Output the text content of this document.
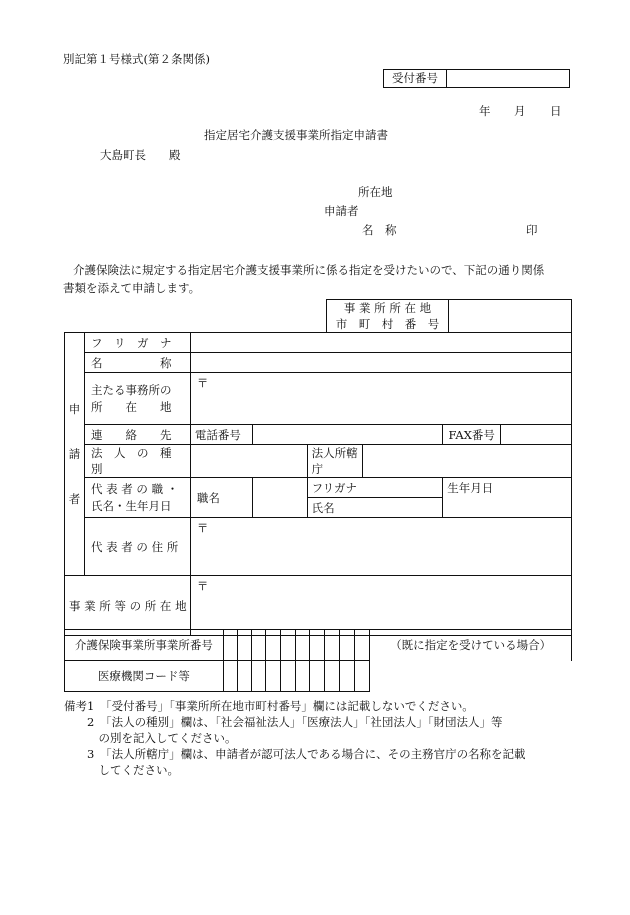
別記第１号様式(第２条関係)
受付番号
年 月 日
指定居宅介護支援事業所指定申請書
大島町長　　殿
所在地
申請者
名　称	印
介護保険法に規定する指定居宅介護支援事業所に係る指定を受けたいので、下記の通り関係
書類を添えて申請します。
事 業 所 所 在 地
市　町　村　番　号
申
請
者	フ　リ　ガ　ナ						
	名　　　　　称						

	主たる事務所の
所　　在　　地	〒					
	連　　絡　　先	電話番号				FAX番号	
	法　人　の　種　別			法人所轄庁			

	代 表 者 の 職 ・
氏名・生年月日	職名		フリガナ		生年月日	
				氏名			
	代 表 者 の 住 所	〒					
事 業 所 等 の 所 在 地		〒					
介護保険事業所事業所番号											（既に指定を受けている場合）
医療機関コード等											
備考1　「受付番号」「事業所所在地市町村番号」欄には記載しないでください。
　　2　「法人の種別」欄は、「社会福祉法人」「医療法人」「社団法人」「財団法人」等
　　　の別を記入してください。
　　3　「法人所轄庁」欄は、申請者が認可法人である場合に、その主務官庁の名称を記載
　　　してください。
